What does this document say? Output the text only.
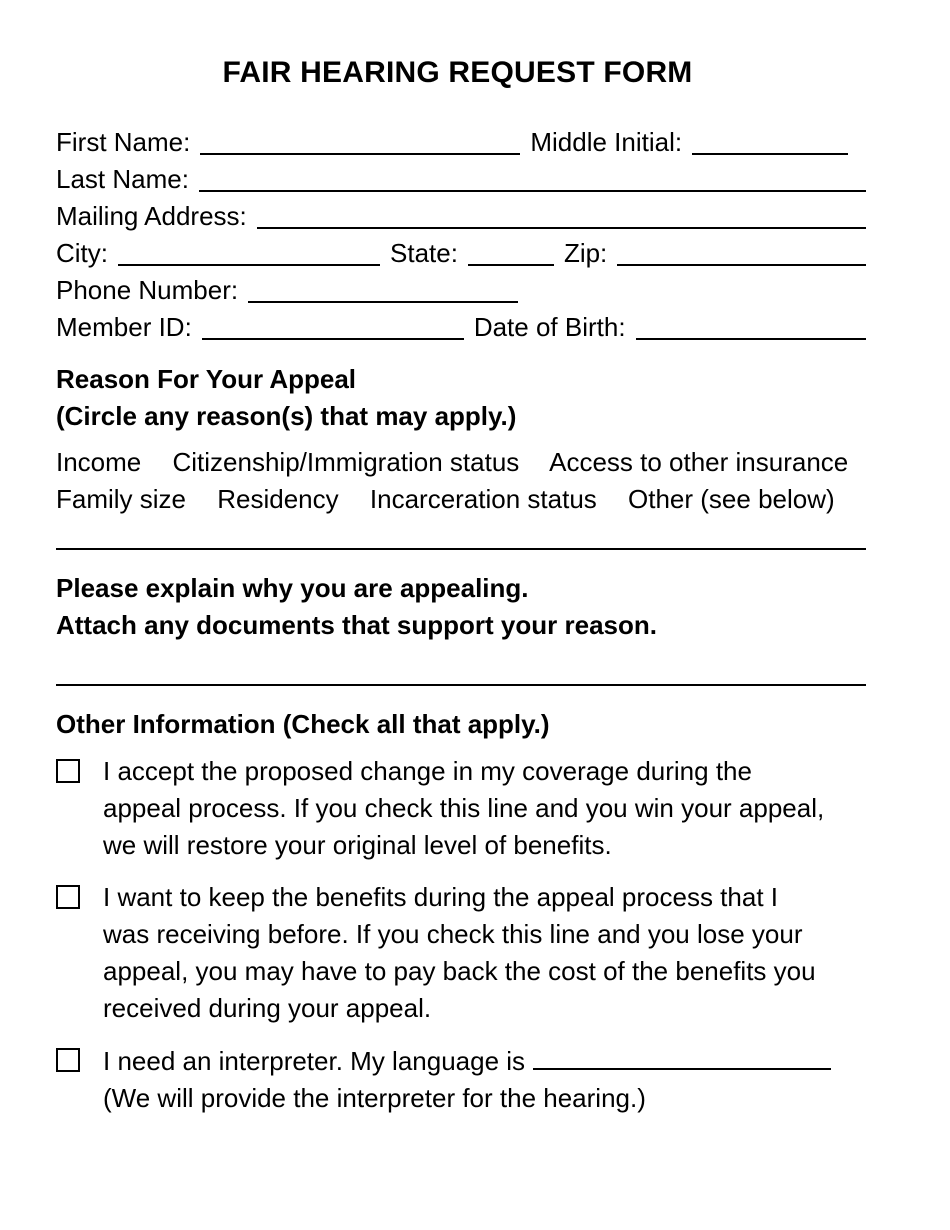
FAIR HEARING REQUEST FORM
First Name:	Middle Initial:
Last Name:
Mailing Address:
City:	State:	Zip:
Phone Number:
Member ID:	Date of Birth:
Reason For Your Appeal
(Circle any reason(s) that may apply.)
Income Citizenship/Immigration status Access to other insurance
Family size Residency Incarceration status Other (see below)
Please explain why you are appealing.
Attach any documents that support your reason.
Other Information (Check all that apply.)
I accept the proposed change in my coverage during the
appeal process. If you check this line and you win your appeal,
we will restore your original level of benefits.
I want to keep the benefits during the appeal process that I
was receiving before. If you check this line and you lose your
appeal, you may have to pay back the cost of the benefits you
received during your appeal.
I need an interpreter. My language is
(We will provide the interpreter for the hearing.)
